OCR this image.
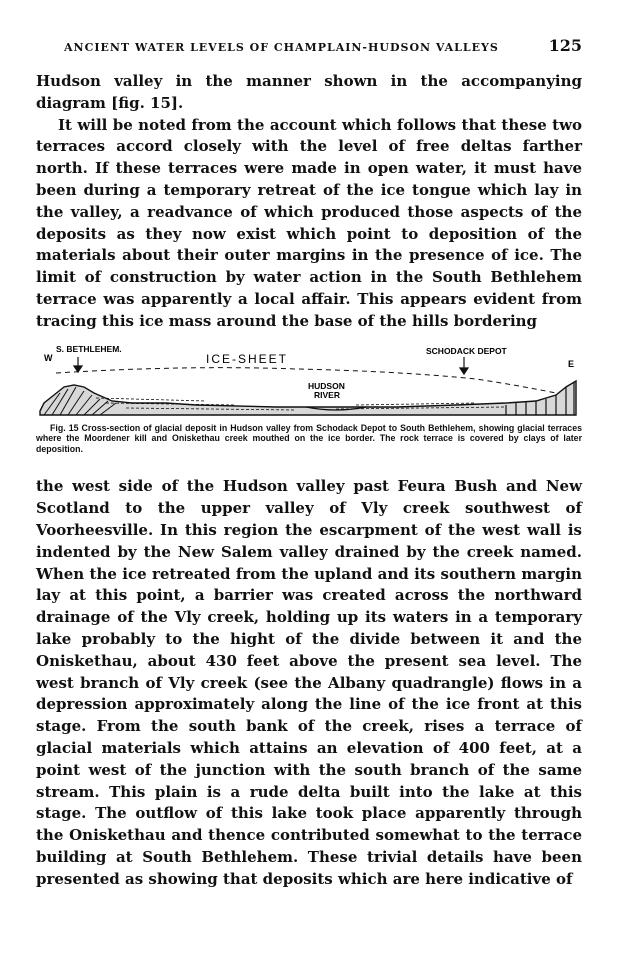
ANCIENT WATER LEVELS OF CHAMPLAIN-HUDSON VALLEYS	125

Hudson valley in the manner shown in the accompanying diagram [fig. 15].

It will be noted from the account which follows that these two terraces accord closely with the level of free deltas farther north. If these terraces were made in open water, it must have been during a temporary retreat of the ice tongue which lay in the valley, a readvance of which produced those aspects of the deposits as they now exist which point to deposition of the materials about their outer margins in the presence of ice. The limit of construction by water action in the South Bethlehem terrace was apparently a local affair. This appears evident from tracing this ice mass around the base of the hills bordering

W
S. BETHLEHEM.
ICE-SHEET
SCHODACK DEPOT
E
HUDSON
RIVER
Fig. 15 Cross-section of glacial deposit in Hudson valley from Schodack Depot to South Bethlehem, showing glacial terraces where the Moordener kill and Oniskethau creek mouthed on the ice border. The rock terrace is covered by clays of later deposition.

the west side of the Hudson valley past Feura Bush and New Scotland to the upper valley of Vly creek southwest of Voorheesville. In this region the escarpment of the west wall is indented by the New Salem valley drained by the creek named. When the ice retreated from the upland and its southern margin lay at this point, a barrier was created across the northward drainage of the Vly creek, holding up its waters in a temporary lake probably to the hight of the divide between it and the Oniskethau, about 430 feet above the present sea level. The west branch of Vly creek (see the Albany quadrangle) flows in a depression approximately along the line of the ice front at this stage. From the south bank of the creek, rises a terrace of glacial materials which attains an elevation of 400 feet, at a point west of the junction with the south branch of the same stream. This plain is a rude delta built into the lake at this stage. The outflow of this lake took place apparently through the Oniskethau and thence contributed somewhat to the terrace building at South Bethlehem. These trivial details have been presented as showing that deposits which are here indicative of
